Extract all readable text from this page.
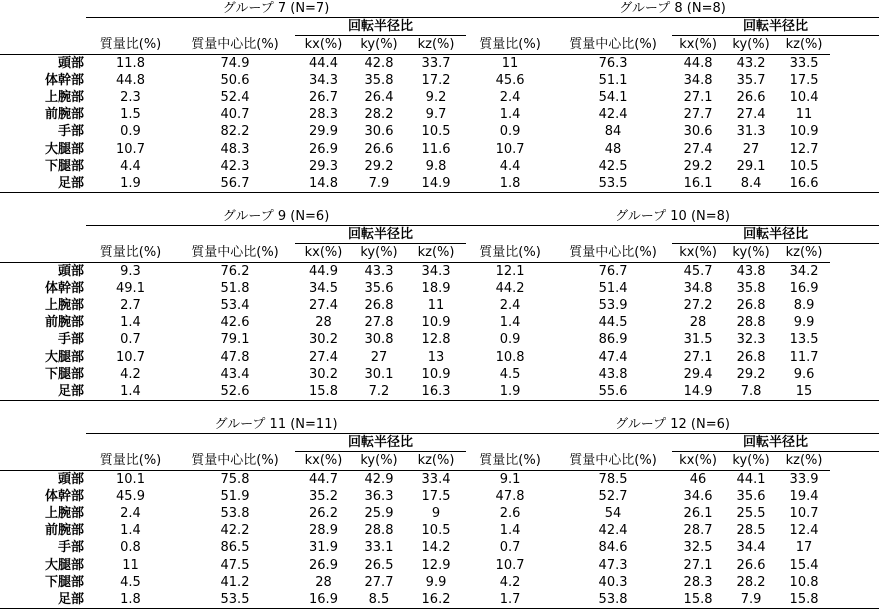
	グループ 7 (N=7)					グループ 8 (N=8)					
			回転半径比					回転半径比			
	質量比(%)	質量中心比(%)	kx(%)	ky(%)	kz(%)	質量比(%)	質量中心比(%)	kx(%)	ky(%)	kz(%)	
頭部	11.8	74.9	44.4	42.8	33.7	11	76.3	44.8	43.2	33.5	
体幹部	44.8	50.6	34.3	35.8	17.2	45.6	51.1	34.8	35.7	17.5	
上腕部	2.3	52.4	26.7	26.4	9.2	2.4	54.1	27.1	26.6	10.4	
前腕部	1.5	40.7	28.3	28.2	9.7	1.4	42.4	27.7	27.4	11	
手部	0.9	82.2	29.9	30.6	10.5	0.9	84	30.6	31.3	10.9	
大腿部	10.7	48.3	26.9	26.6	11.6	10.7	48	27.4	27	12.7	
下腿部	4.4	42.3	29.3	29.2	9.8	4.4	42.5	29.2	29.1	10.5	
足部	1.9	56.7	14.8	7.9	14.9	1.8	53.5	16.1	8.4	16.6	
	グループ 9 (N=6)					グループ 10 (N=8)					
			回転半径比					回転半径比			
	質量比(%)	質量中心比(%)	kx(%)	ky(%)	kz(%)	質量比(%)	質量中心比(%)	kx(%)	ky(%)	kz(%)	
頭部	9.3	76.2	44.9	43.3	34.3	12.1	76.7	45.7	43.8	34.2	
体幹部	49.1	51.8	34.5	35.6	18.9	44.2	51.4	34.8	35.8	16.9	
上腕部	2.7	53.4	27.4	26.8	11	2.4	53.9	27.2	26.8	8.9	
前腕部	1.4	42.6	28	27.8	10.9	1.4	44.5	28	28.8	9.9	
手部	0.7	79.1	30.2	30.8	12.8	0.9	86.9	31.5	32.3	13.5	
大腿部	10.7	47.8	27.4	27	13	10.8	47.4	27.1	26.8	11.7	
下腿部	4.2	43.4	30.2	30.1	10.9	4.5	43.8	29.4	29.2	9.6	
足部	1.4	52.6	15.8	7.2	16.3	1.9	55.6	14.9	7.8	15	
	グループ 11 (N=11)					グループ 12 (N=6)					
			回転半径比					回転半径比			
	質量比(%)	質量中心比(%)	kx(%)	ky(%)	kz(%)	質量比(%)	質量中心比(%)	kx(%)	ky(%)	kz(%)	
頭部	10.1	75.8	44.7	42.9	33.4	9.1	78.5	46	44.1	33.9	
体幹部	45.9	51.9	35.2	36.3	17.5	47.8	52.7	34.6	35.6	19.4	
上腕部	2.4	53.8	26.2	25.9	9	2.6	54	26.1	25.5	10.7	
前腕部	1.4	42.2	28.9	28.8	10.5	1.4	42.4	28.7	28.5	12.4	
手部	0.8	86.5	31.9	33.1	14.2	0.7	84.6	32.5	34.4	17	
大腿部	11	47.5	26.9	26.5	12.9	10.7	47.3	27.1	26.6	15.4	
下腿部	4.5	41.2	28	27.7	9.9	4.2	40.3	28.3	28.2	10.8	
足部	1.8	53.5	16.9	8.5	16.2	1.7	53.8	15.8	7.9	15.8	
